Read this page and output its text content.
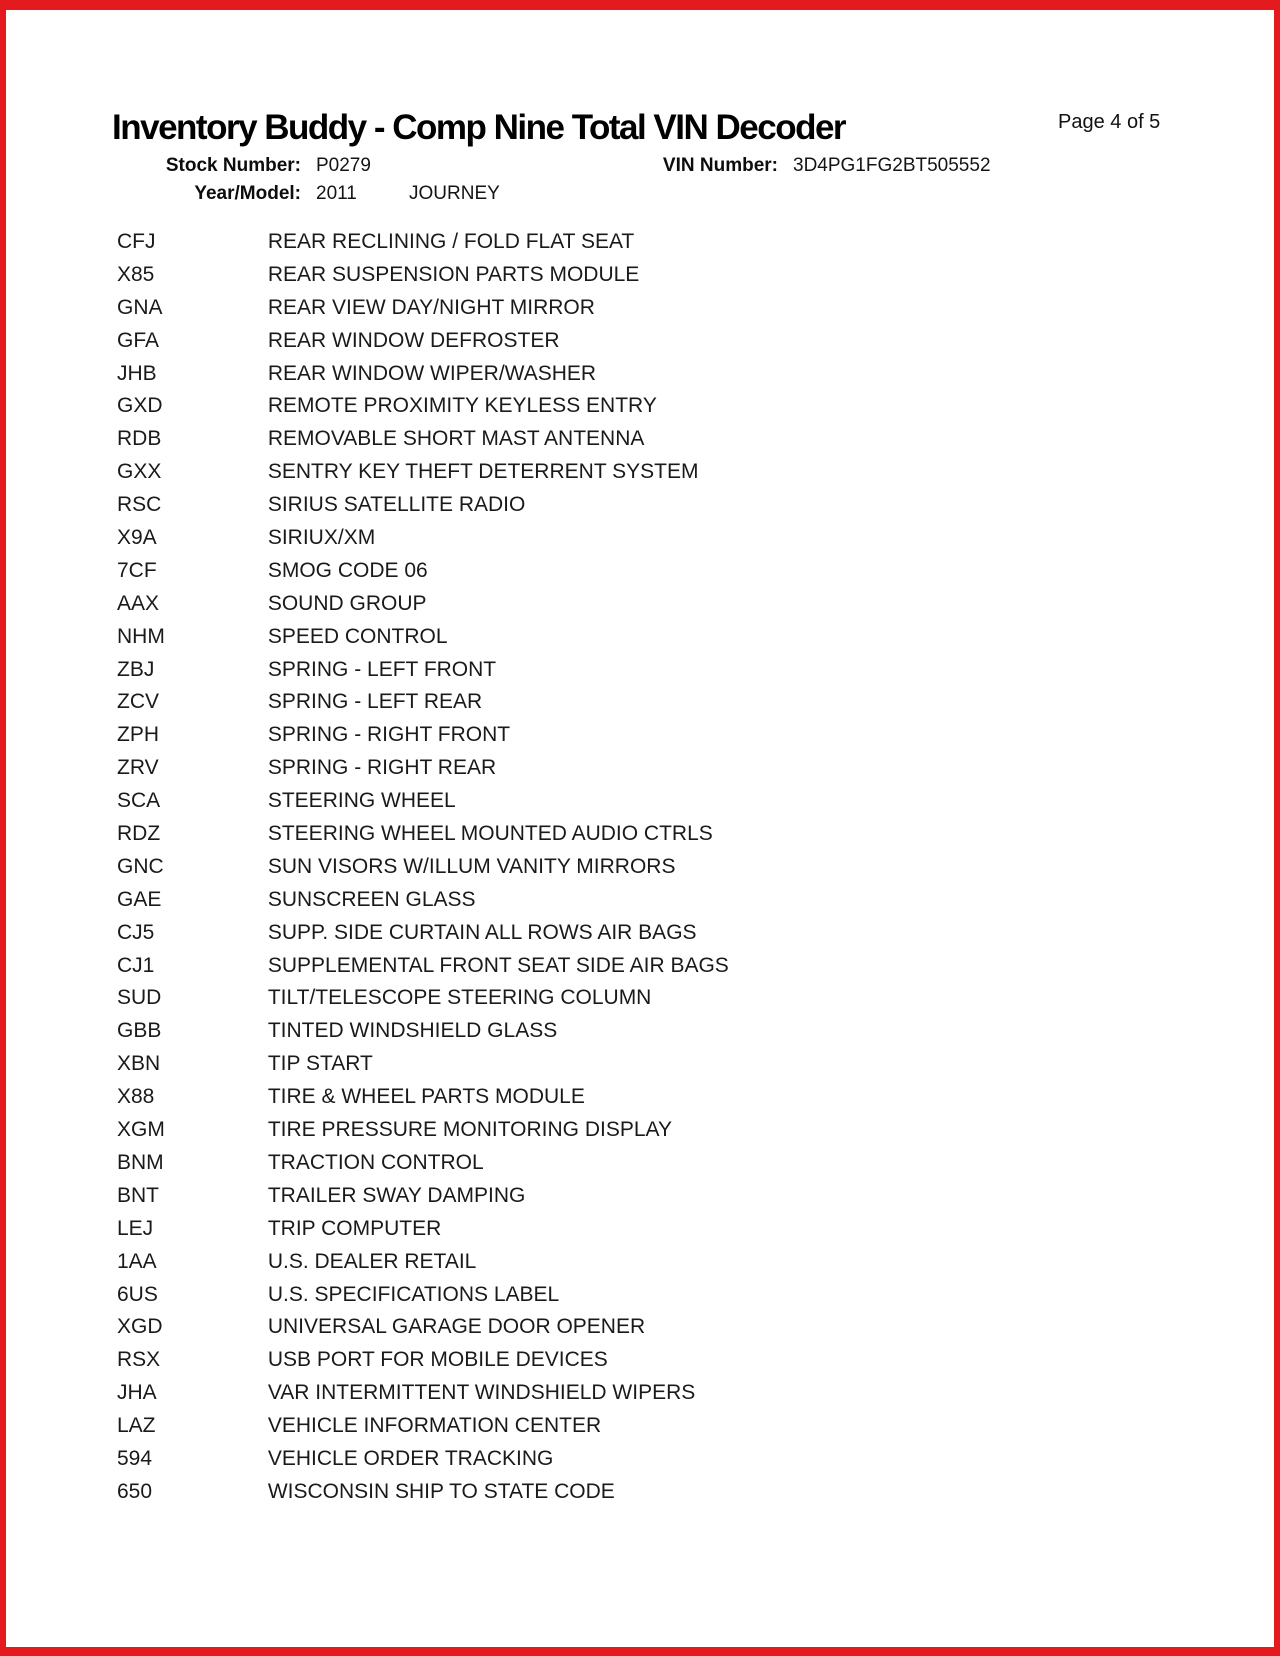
Inventory Buddy - Comp Nine Total VIN Decoder	Page 4 of 5
Stock Number: P0279	VIN Number: 3D4PG1FG2BT505552
Year/Model: 2011	JOURNEY
CFJ	REAR RECLINING / FOLD FLAT SEAT
X85	REAR SUSPENSION PARTS MODULE
GNA	REAR VIEW DAY/NIGHT MIRROR
GFA	REAR WINDOW DEFROSTER
JHB	REAR WINDOW WIPER/WASHER
GXD	REMOTE PROXIMITY KEYLESS ENTRY
RDB	REMOVABLE SHORT MAST ANTENNA
GXX	SENTRY KEY THEFT DETERRENT SYSTEM
RSC	SIRIUS SATELLITE RADIO
X9A	SIRIUX/XM
7CF	SMOG CODE 06
AAX	SOUND GROUP
NHM	SPEED CONTROL
ZBJ	SPRING - LEFT FRONT
ZCV	SPRING - LEFT REAR
ZPH	SPRING - RIGHT FRONT
ZRV	SPRING - RIGHT REAR
SCA	STEERING WHEEL
RDZ	STEERING WHEEL MOUNTED AUDIO CTRLS
GNC	SUN VISORS W/ILLUM VANITY MIRRORS
GAE	SUNSCREEN GLASS
CJ5	SUPP. SIDE CURTAIN ALL ROWS AIR BAGS
CJ1	SUPPLEMENTAL FRONT SEAT SIDE AIR BAGS
SUD	TILT/TELESCOPE STEERING COLUMN
GBB	TINTED WINDSHIELD GLASS
XBN	TIP START
X88	TIRE & WHEEL PARTS MODULE
XGM	TIRE PRESSURE MONITORING DISPLAY
BNM	TRACTION CONTROL
BNT	TRAILER SWAY DAMPING
LEJ	TRIP COMPUTER
1AA	U.S. DEALER RETAIL
6US	U.S. SPECIFICATIONS LABEL
XGD	UNIVERSAL GARAGE DOOR OPENER
RSX	USB PORT FOR MOBILE DEVICES
JHA	VAR INTERMITTENT WINDSHIELD WIPERS
LAZ	VEHICLE INFORMATION CENTER
594	VEHICLE ORDER TRACKING
650	WISCONSIN SHIP TO STATE CODE
